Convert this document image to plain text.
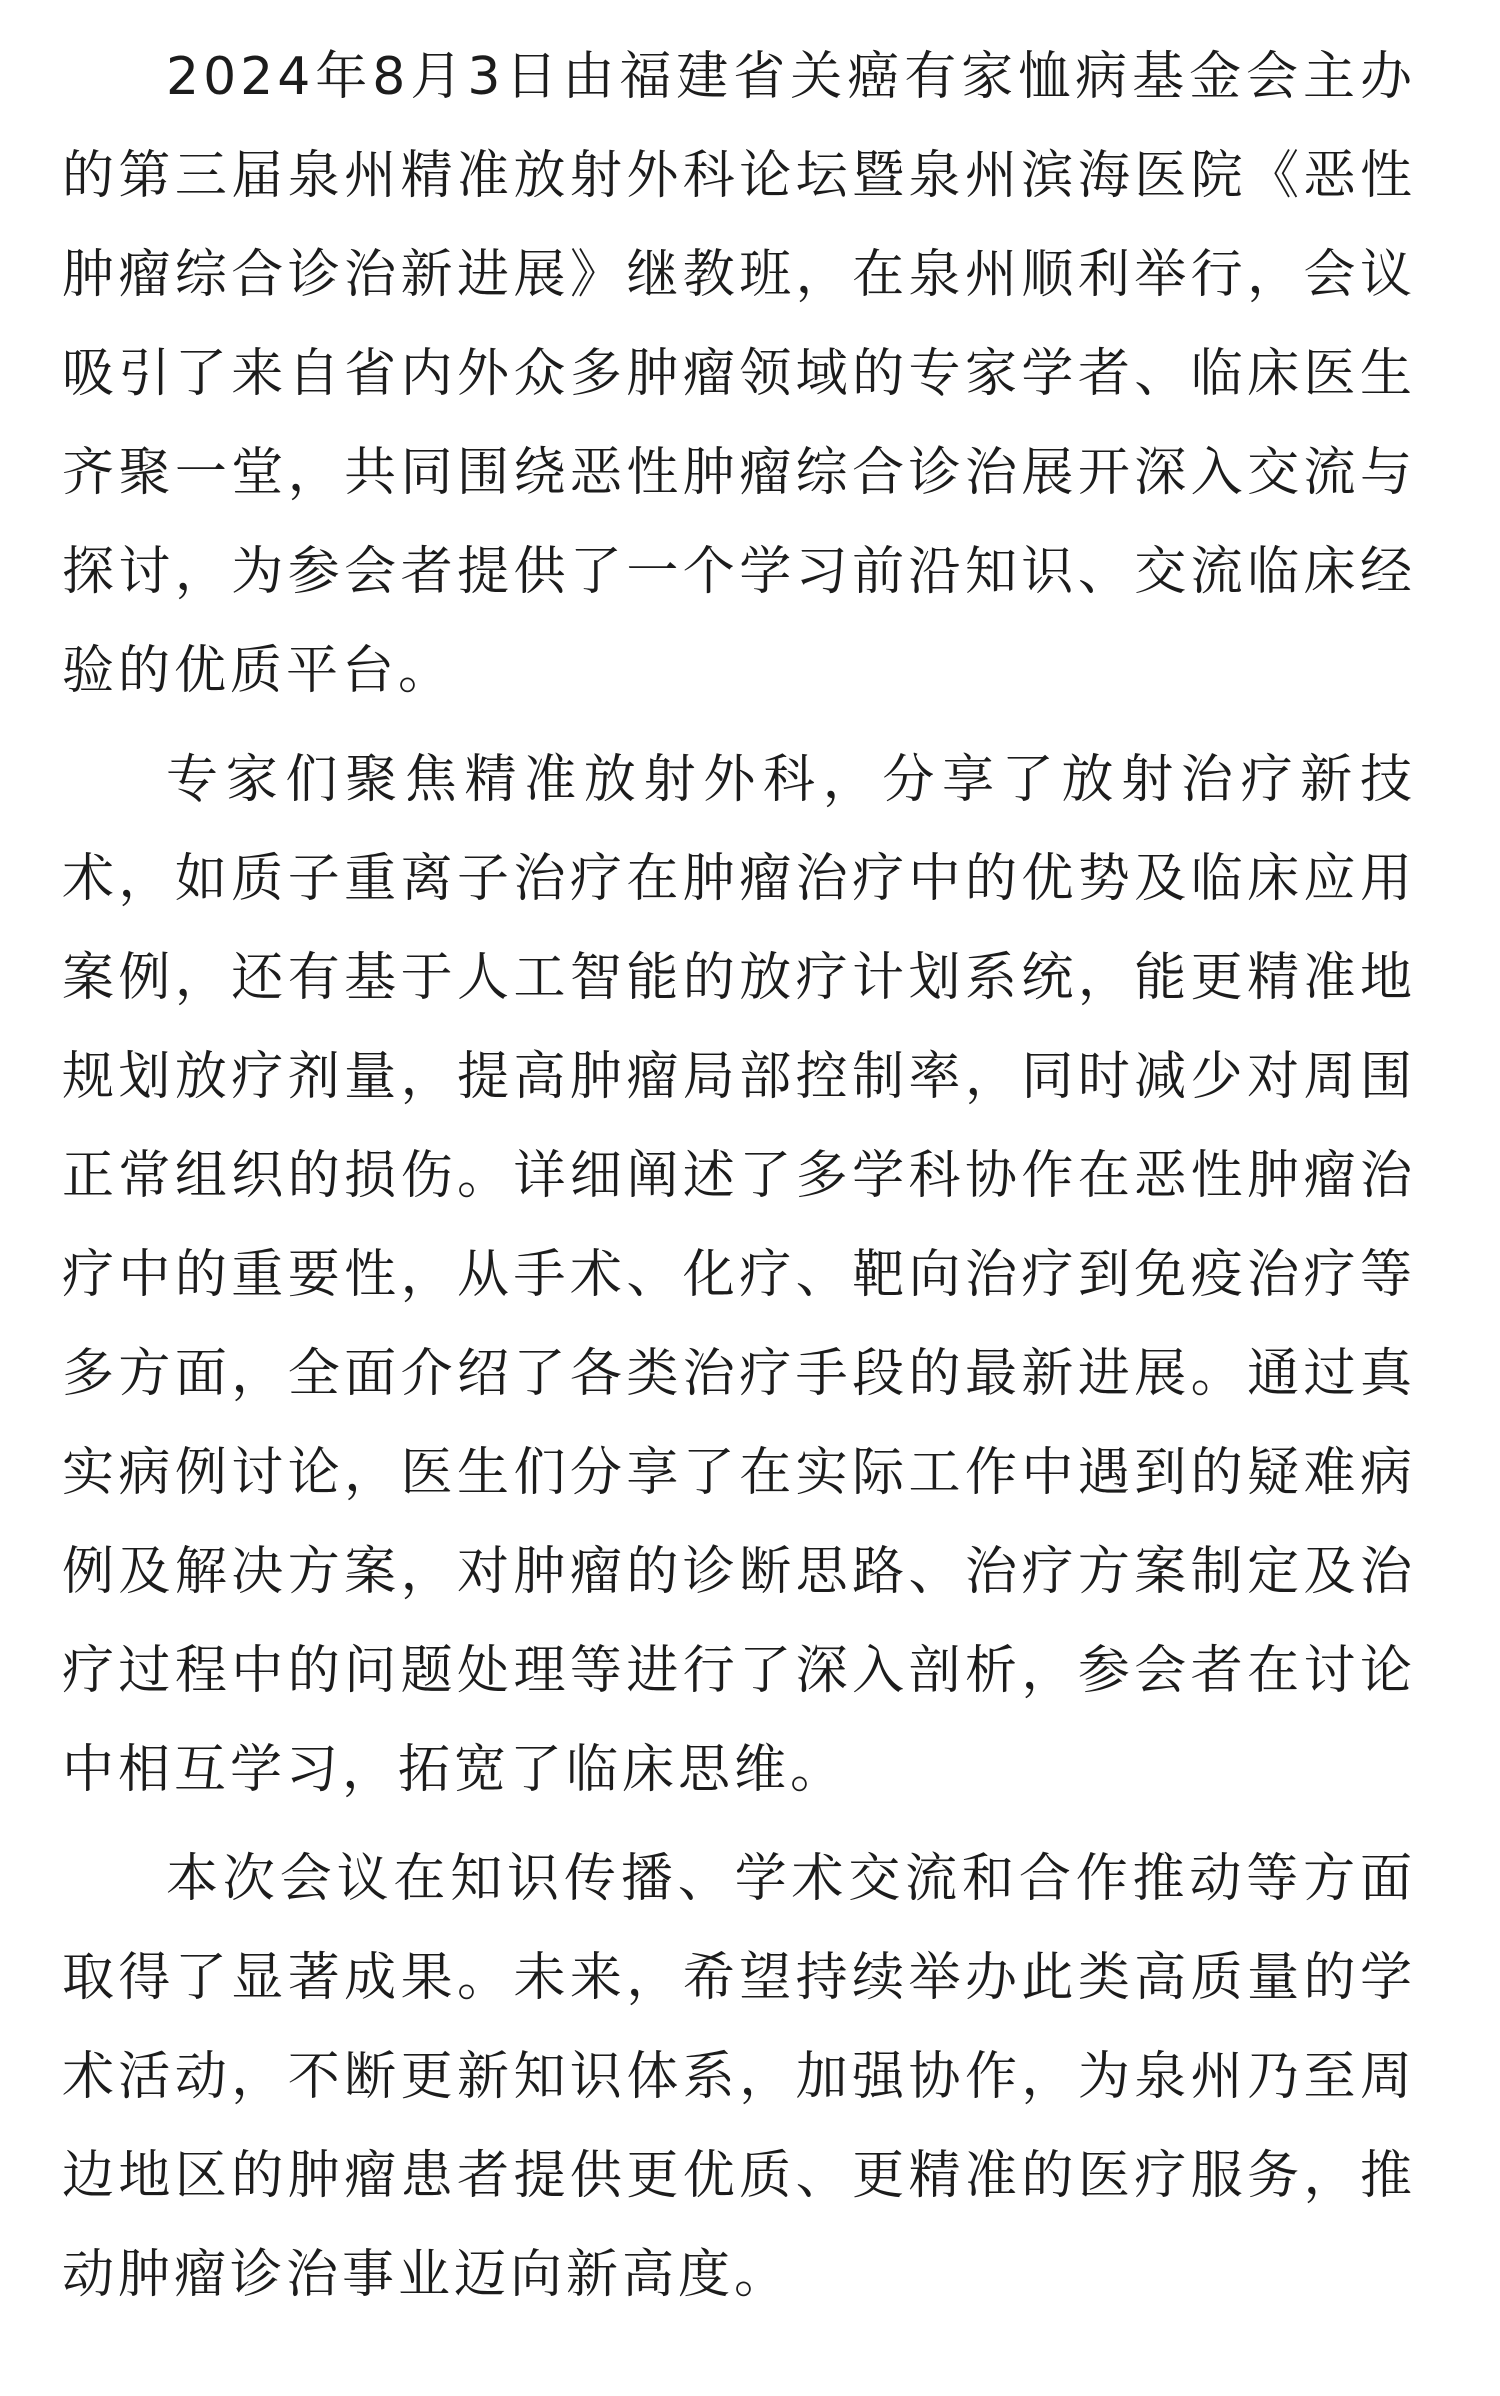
2024年8月3日由福建省关癌有家恤病基金会主办的第三届泉州精准放射外科论坛暨泉州滨海医院《恶性肿瘤综合诊治新进展》继教班，在泉州顺利举行，会议吸引了来自省内外众多肿瘤领域的专家学者、临床医生齐聚一堂，共同围绕恶性肿瘤综合诊治展开深入交流与探讨，为参会者提供了一个学习前沿知识、交流临床经验的优质平台。

专家们聚焦精准放射外科，分享了放射治疗新技术，如质子重离子治疗在肿瘤治疗中的优势及临床应用案例，还有基于人工智能的放疗计划系统，能更精准地规划放疗剂量，提高肿瘤局部控制率，同时减少对周围正常组织的损伤。详细阐述了多学科协作在恶性肿瘤治疗中的重要性，从手术、化疗、靶向治疗到免疫治疗等多方面，全面介绍了各类治疗手段的最新进展。通过真实病例讨论，医生们分享了在实际工作中遇到的疑难病例及解决方案，对肿瘤的诊断思路、治疗方案制定及治疗过程中的问题处理等进行了深入剖析，参会者在讨论中相互学习，拓宽了临床思维。

本次会议在知识传播、学术交流和合作推动等方面取得了显著成果。未来，希望持续举办此类高质量的学术活动，不断更新知识体系，加强协作，为泉州乃至周边地区的肿瘤患者提供更优质、更精准的医疗服务，推动肿瘤诊治事业迈向新高度。
